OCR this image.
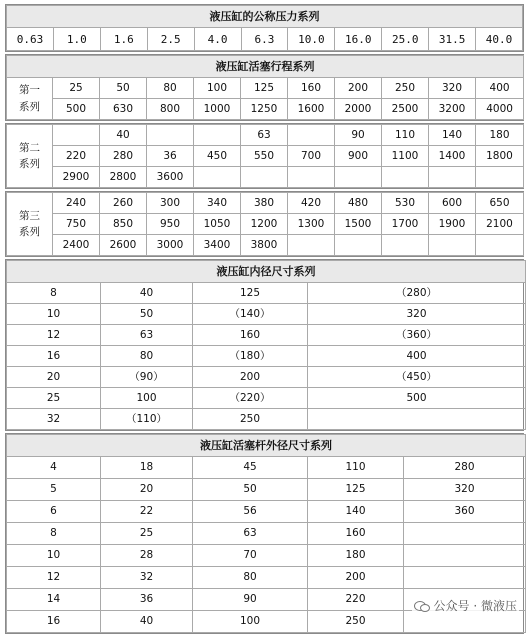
液压缸的公称压力系列
0.63	1.0	1.6	2.5	4.0	6.3	10.0	16.0	25.0	31.5	40.0
液压缸活塞行程系列										
第一
系列	25	50	80	100	125	160	200	250	320	400
	500	630	800	1000	1250	1600	2000	2500	3200	4000
第二
系列		40			63		90	110	140	180
	220	280	36	450	550	700	900	1100	1400	1800
	2900	2800	3600							
第三
系列	240	260	300	340	380	420	480	530	600	650
	750	850	950	1050	1200	1300	1500	1700	1900	2100
	2400	2600	3000	3400	3800					
液压缸内径尺寸系列			
8	40	125	（280）
10	50	（140）	320
12	63	160	（360）
16	80	（180）	400
20	（90）	200	（450）
25	100	（220）	500
32	（110）	250	
液压缸活塞杆外径尺寸系列				
4	18	45	110	280
5	20	50	125	320
6	22	56	140	360
8	25	63	160	
10	28	70	180	
12	32	80	200	
14	36	90	220	
16	40	100	250	
公众号 · 微液压
